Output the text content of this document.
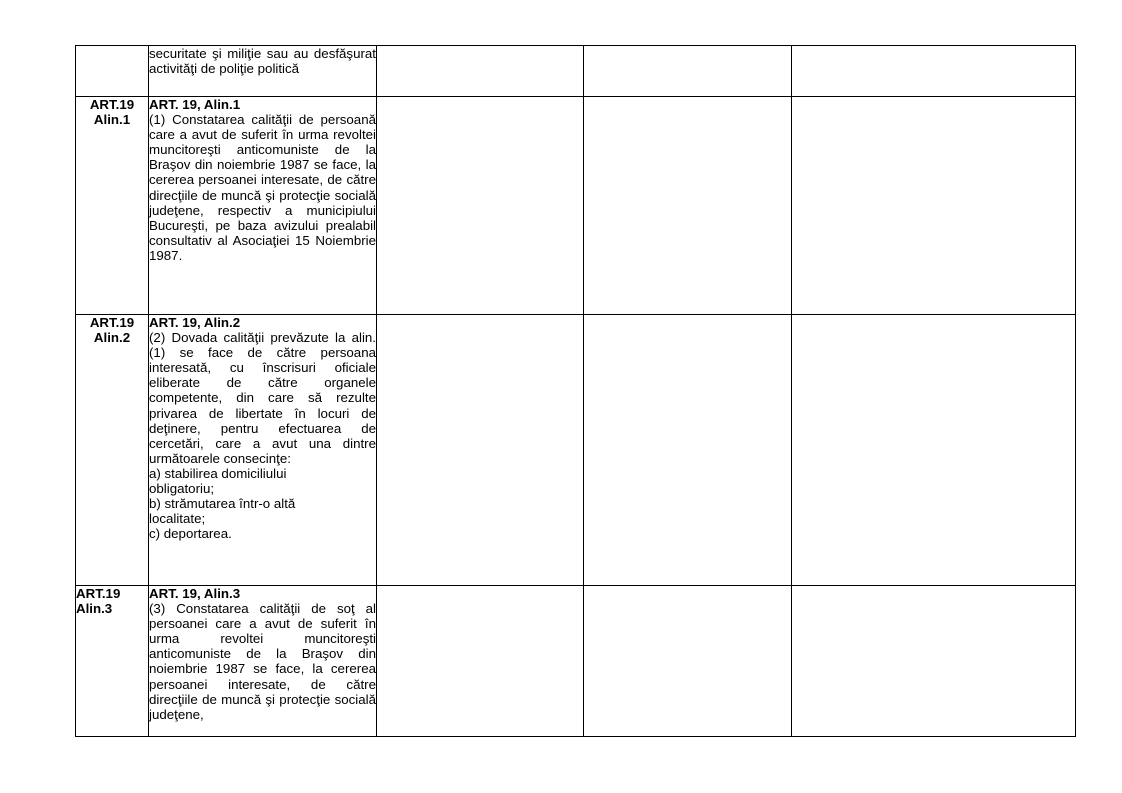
	securitate şi miliţie sau au desfăşurat activităţi de poliţie politică			

ART.19 Alin.1	ART. 19, Alin.1
(1) Constatarea calităţii de persoană care a avut de suferit în urma revoltei muncitoreşti anticomuniste de la Braşov din noiembrie 1987 se face, la cererea persoanei interesate, de către direcţiile de muncă şi protecţie socială judeţene, respectiv a municipiului Bucureşti, pe baza avizului prealabil consultativ al Asociaţiei 15 Noiembrie 1987.			

ART.19 Alin.2	ART. 19, Alin.2
(2) Dovada calităţii prevăzute la alin. (1) se face de către persoana interesată, cu înscrisuri oficiale eliberate de către organele competente, din care să rezulte privarea de libertate în locuri de deţinere, pentru efectuarea de cercetări, care a avut una dintre următoarele consecinţe:
a) stabilirea domiciliului obligatoriu;
b) strămutarea într-o altă localitate;
c) deportarea.			

ART.19 Alin.3	ART. 19, Alin.3
(3) Constatarea calităţii de soţ al persoanei care a avut de suferit în urma revoltei muncitoreşti anticomuniste de la Braşov din noiembrie 1987 se face, la cererea persoanei interesate, de către direcţiile de muncă şi protecţie socială judeţene,			
